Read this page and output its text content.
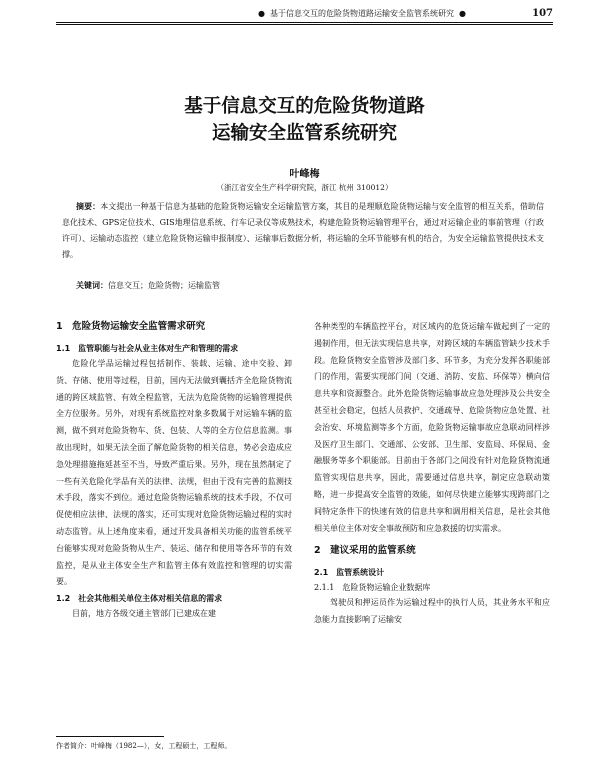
● 基于信息交互的危险货物道路运输安全监管系统研究 ●	107
基于信息交互的危险货物道路
运输安全监管系统研究
叶峰梅
（浙江省安全生产科学研究院，浙江 杭州 310012）

摘要：本文提出一种基于信息为基础的危险货物运输安全运输监管方案，其目的是理顺危险货物运输与安全监管的相互关系，借助信息化技术、GPS定位技术、GIS地理信息系统、行车记录仪等成熟技术，构建危险货物运输管理平台，通过对运输企业的事前管理（行政许可）、运输动态监控（建立危险货物运输申报制度）、运输事后数据分析，将运输的全环节能够有机的结合，为安全运输监管提供技术支撑。

关键词：信息交互；危险货物；运输监管
1　危险货物运输安全监管需求研究
1.1　监管职能与社会从业主体对生产和管理的需求

危险化学品运输过程包括制作、装载、运输、途中交验、卸货、存储、使用等过程，目前，国内无法做到囊括齐全危险货物流通的跨区域监管、有效全程监管，无法为危险货物的运输管理提供全方位服务。另外，对现有系统监控对象多数属于对运输车辆的监测，做不到对危险货物车、货、包装、人等的全方位信息监测。事故出现时，如果无法全面了解危险货物的相关信息，势必会造成应急处理措施拖延甚至不当，导致严重后果。另外，现在虽然制定了一些有关危险化学品有关的法律、法规，但由于没有完善的监测技术手段，落实不到位。通过危险货物运输系统的技术手段，不仅可促使相应法律、法规的落实，还可实现对危险货物运输过程的实时动态监管。从上述角度来看，通过开发具备相关功能的监管系统平台能够实现对危险货物从生产、装运、储存和使用等各环节的有效监控，是从业主体安全生产和监管主体有效监控和管理的切实需要。

1.2　社会其他相关单位主体对相关信息的需求

目前，地方各级交通主管部门已建成在建

各种类型的车辆监控平台，对区域内的危货运输车做起到了一定的遏制作用，但无法实现信息共享，对跨区域的车辆监管缺少技术手段。危险货物安全监管涉及部门多、环节多，为充分发挥各职能部门的作用，需要实现部门间（交通、消防、安监、环保等）横向信息共享和资源整合。此外危险货物运输事故应急处理涉及公共安全甚至社会稳定，包括人员救护、交通疏导、危险货物应急处置、社会治安、环境监测等多个方面，危险货物运输事故应急联动同样涉及医疗卫生部门、交通部、公安部、卫生部、安监局、环保局、金融服务等多个职能部。目前由于各部门之间没有针对危险货物流通监管实现信息共享，因此，需要通过信息共享，制定应急联动策略，进一步提高安全监管的效能，如何尽快建立能够实现跨部门之间特定条件下的快速有效的信息共享和调用相关信息，是社会其他相关单位主体对安全事故预防和应急救援的切实需求。

2　建议采用的监管系统
2.1　监管系统设计
2.1.1　危险货物运输企业数据库

驾驶员和押运员作为运输过程中的执行人员，其业务水平和应急能力直接影响了运输安

作者简介：叶峰梅（1982—），女，工程硕士，工程师。
